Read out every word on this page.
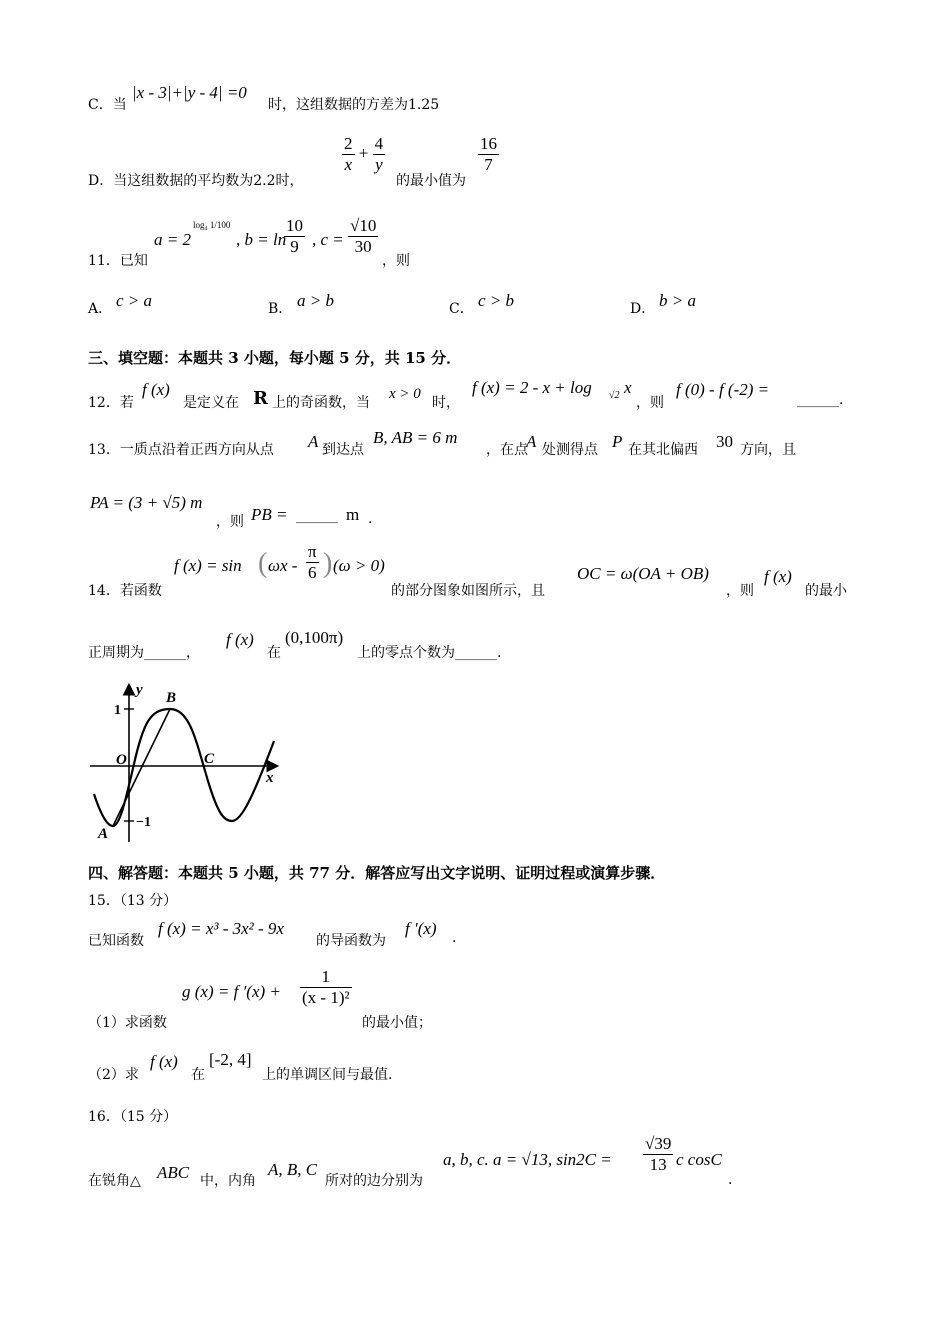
C．当
|x - 3|+|y - 4| =0
时，这组数据的方差为1.25
D．当这组数据的平均数为2.2时，
$\frac{2}{x} + \frac{4}{y}$
的最小值为
$\frac{16}{7}$
11．已知
a = 2
log₄ 1/100
, b = ln
$\frac{10}{9}$ , $c = \frac{√10}{30}$
，则
A． c > a	B． a > b	C． c > b	D． b > a
三、填空题：本题共 3 小题，每小题 5 分，共 15 分．
12．若
f (x)
是定义在 R 上的奇函数，当
x > 0
时，
f (x) = 2 - x + log √2 x
，则
f (0) - f (-2) =
______.
13．一质点沿着正西方向从点 A 到达点
B, AB = 6 m
，在点
A 处测得点 P 在其北偏西 30 方向，且
PA = (3 + √5) m
，则 PB = ______ m .
14．若函数
f (x) = sin ( ωx - $\frac{\pi}{6}$ ) (ω > 0)
的部分图象如图所示，且
OC = ω(OA + OB)
，则
f (x)
的最小
正周期为______，
f (x)
在
(0,100π)
上的零点个数为______.
y
x
O
A
B
C
1
−1
四、解答题：本题共 5 小题，共 77 分．解答应写出文字说明、证明过程或演算步骤．
15．（13 分）
已知函数
f (x) = x³ - 3x² - 9x
的导函数为
f ′(x) .
（1）求函数
g (x) = f $'(x) + \frac{1}{\text{(x - 1)²}}$
的最小值；
（2）求
f (x)
在
[-2, 4]
上的单调区间与最值.
16．（15 分）
在锐角△ ABC 中，内角
A, B, C
所对的边分别为
a, b, c. a = √13, $\sin 2C = \frac{√39}{13}$ c cosC
.
